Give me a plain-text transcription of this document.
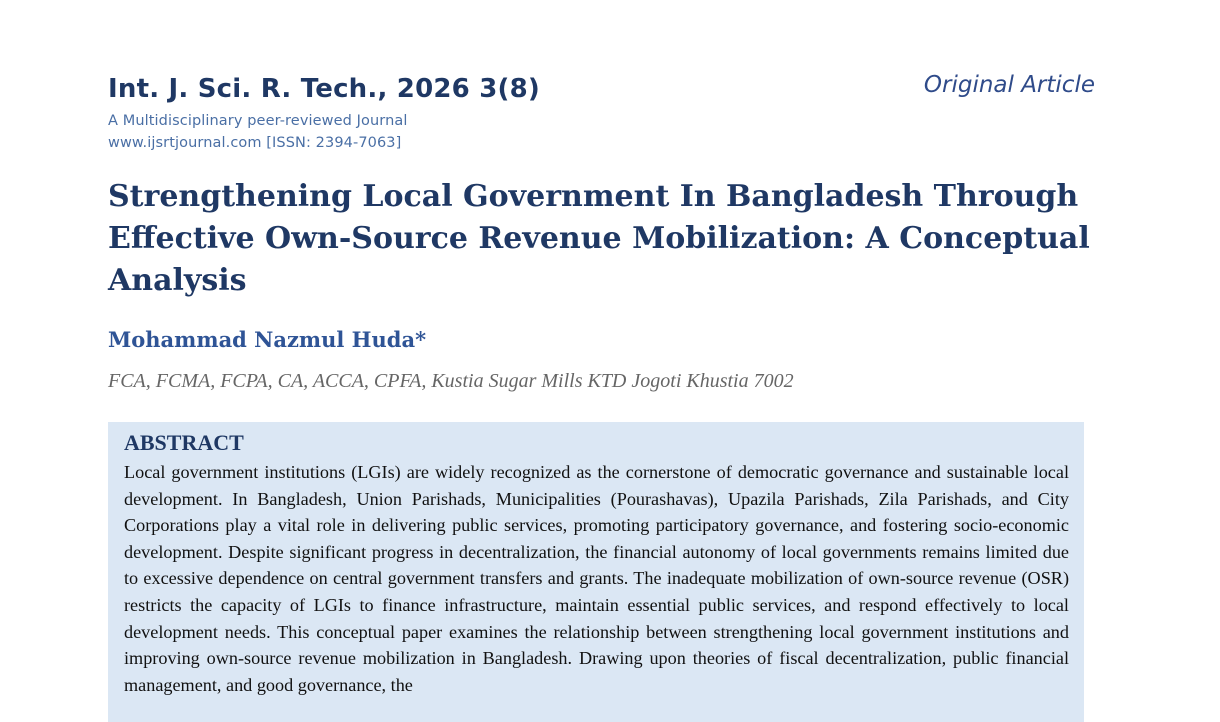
Int. J. Sci. R. Tech., 2026 3(8)

A Multidisciplinary peer-reviewed Journal

www.ijsrtjournal.com [ISSN: 2394-7063]

Original Article

Strengthening Local Government In Bangladesh Through Effective Own-Source Revenue Mobilization: A Conceptual Analysis

Mohammad Nazmul Huda*

FCA, FCMA, FCPA, CA, ACCA, CPFA, Kustia Sugar Mills KTD Jogoti Khustia 7002

ABSTRACT

Local government institutions (LGIs) are widely recognized as the cornerstone of democratic governance and sustainable local development. In Bangladesh, Union Parishads, Municipalities (Pourashavas), Upazila Parishads, Zila Parishads, and City Corporations play a vital role in delivering public services, promoting participatory governance, and fostering socio-economic development. Despite significant progress in decentralization, the financial autonomy of local governments remains limited due to excessive dependence on central government transfers and grants. The inadequate mobilization of own-source revenue (OSR) restricts the capacity of LGIs to finance infrastructure, maintain essential public services, and respond effectively to local development needs. This conceptual paper examines the relationship between strengthening local government institutions and improving own-source revenue mobilization in Bangladesh. Drawing upon theories of fiscal decentralization, public financial management, and good governance, the
